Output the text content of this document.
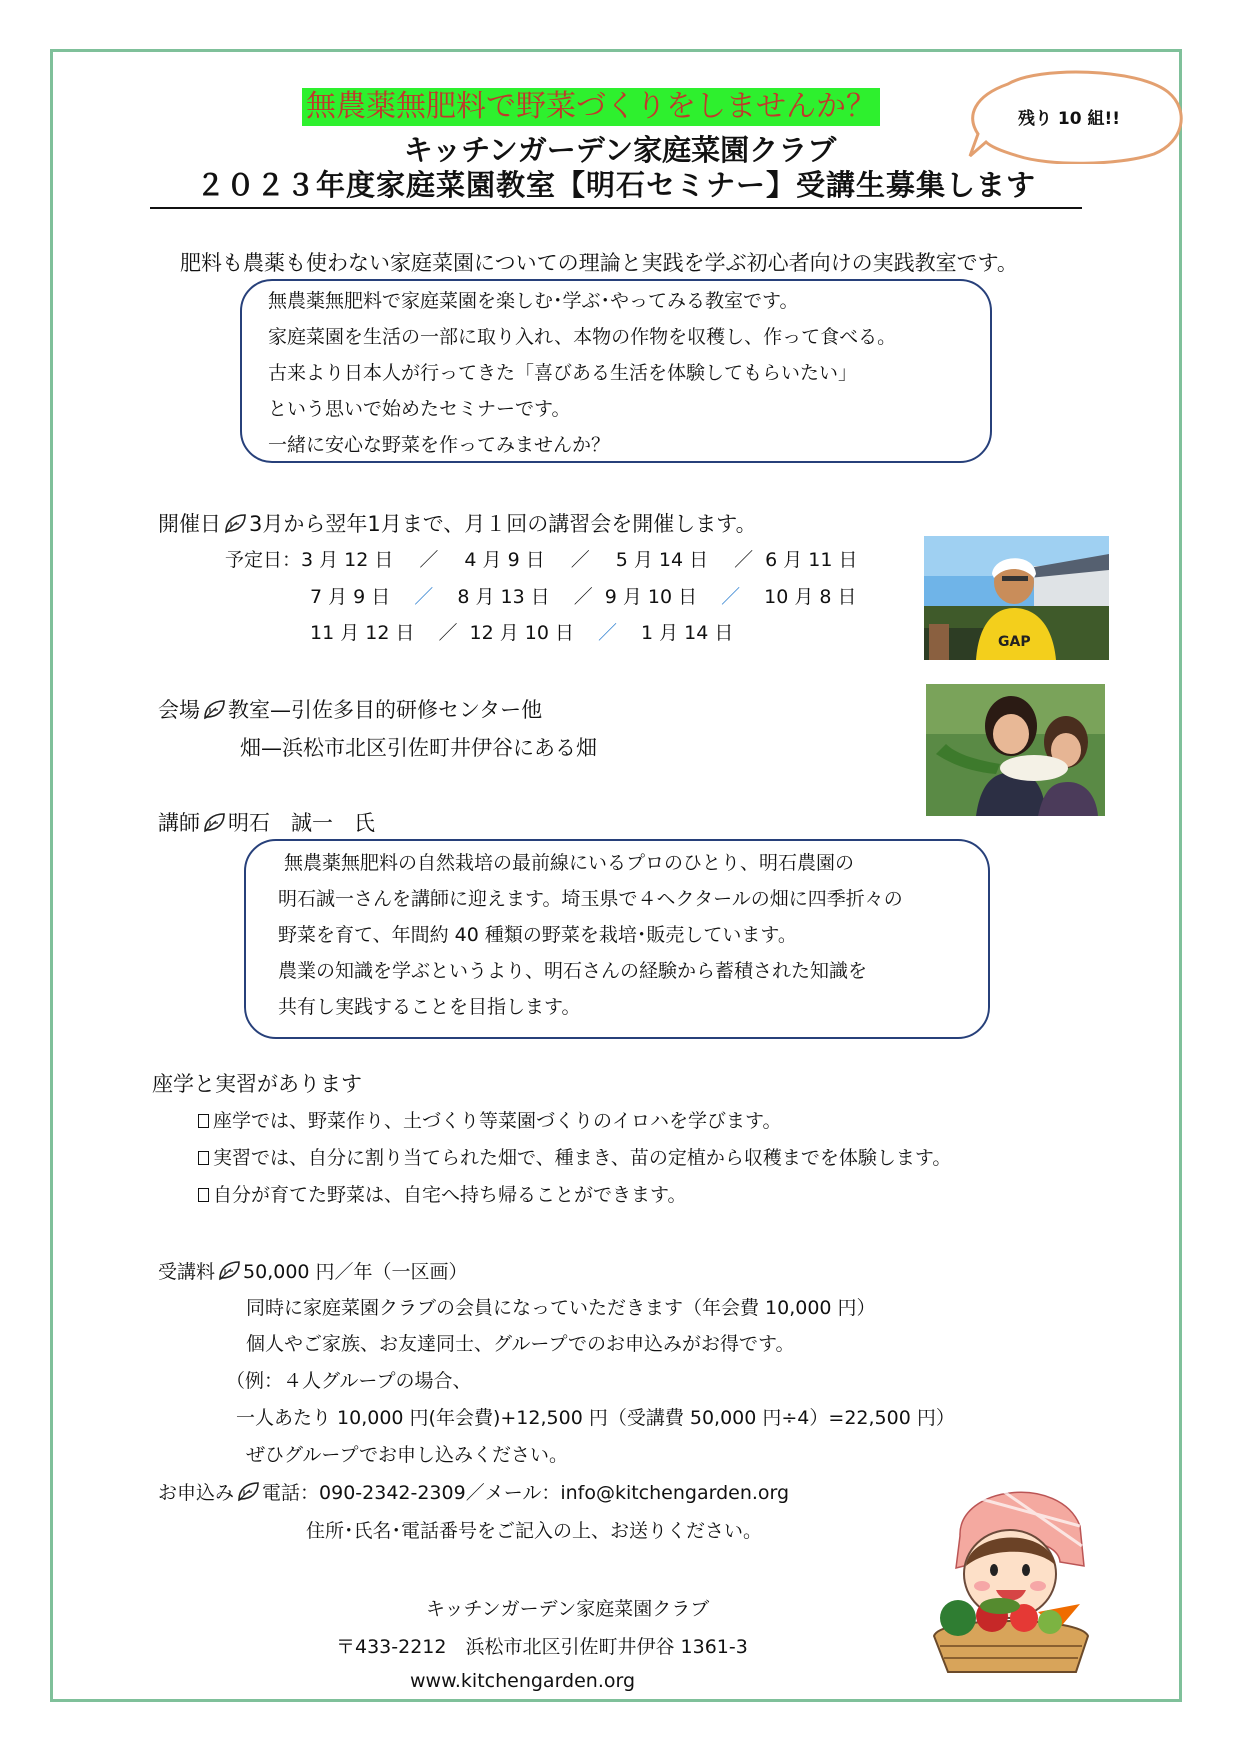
無農薬無肥料で野菜づくりをしませんか？	残り 10 組!!
キッチンガーデン家庭菜園クラブ
２０２３年度家庭菜園教室【明石セミナー】受講生募集します
肥料も農薬も使わない家庭菜園についての理論と実践を学ぶ初心者向けの実践教室です。
無農薬無肥料で家庭菜園を楽しむ･学ぶ･やってみる教室です。
家庭菜園を生活の一部に取り入れ、本物の作物を収穫し、作って食べる。
古来より日本人が行ってきた「喜びある生活を体験してもらいたい」
という思いで始めたセミナーです。
一緒に安心な野菜を作ってみませんか？
開催日 3月から翌年1月まで、月１回の講習会を開催します。
予定日：3 月 12 日 ／ 4 月 9 日 ／ 5 月 14 日 ／ 6 月 11 日
7 月 9 日 ／ 8 月 13 日 ／ 9 月 10 日 ／ 10 月 8 日
11 月 12 日 ／ 12 月 10 日 ／ 1 月 14 日	GAP
会場 教室—引佐多目的研修センター他
畑—浜松市北区引佐町井伊谷にある畑
講師 明石　誠一　氏
無農薬無肥料の自然栽培の最前線にいるプロのひとり、明石農園の
明石誠一さんを講師に迎えます。埼玉県で４ヘクタールの畑に四季折々の
野菜を育て、年間約 40 種類の野菜を栽培･販売しています。
農業の知識を学ぶというより、明石さんの経験から蓄積された知識を
共有し実践することを目指します。
座学と実習があります
座学では、野菜作り、土づくり等菜園づくりのイロハを学びます。
実習では、自分に割り当てられた畑で、種まき、苗の定植から収穫までを体験します。
自分が育てた野菜は、自宅へ持ち帰ることができます。
受講料 50,000 円／年（一区画）
同時に家庭菜園クラブの会員になっていただきます（年会費 10,000 円）
個人やご家族、お友達同士、グループでのお申込みがお得です。
（例：４人グループの場合、
一人あたり 10,000 円(年会費)+12,500 円（受講費 50,000 円÷4）=22,500 円）
ぜひグループでお申し込みください。
お申込み 電話：090-2342-2309／メール：info@kitchengarden.org
住所･氏名･電話番号をご記入の上、お送りください。
キッチンガーデン家庭菜園クラブ
〒433-2212　浜松市北区引佐町井伊谷 1361-3
www.kitchengarden.org
